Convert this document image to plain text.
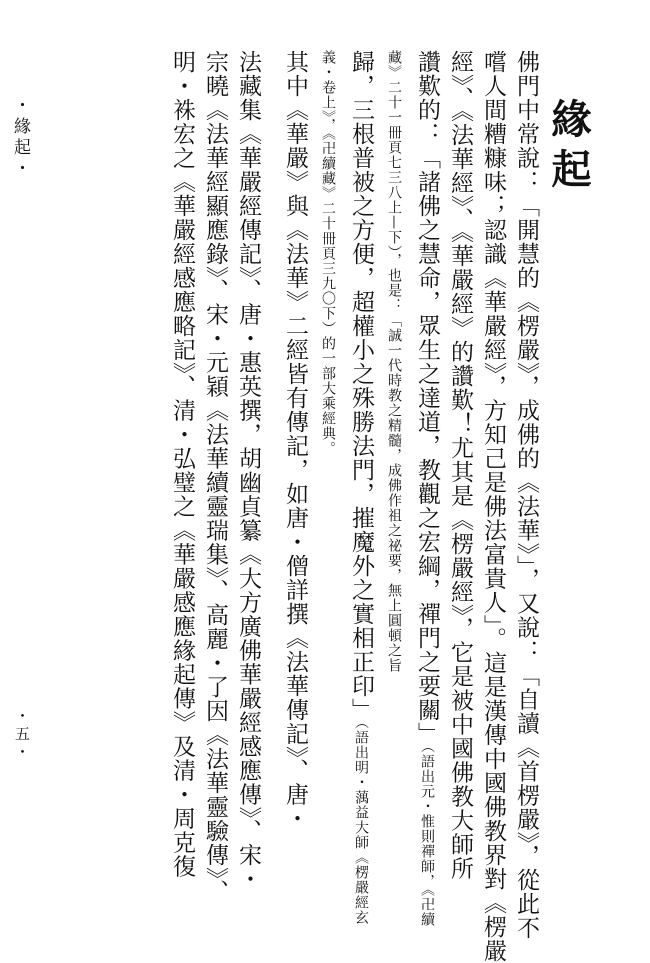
・緣起・
・五・
緣起
佛門中常說：「開慧的《楞嚴》，成佛的《法華》」，又說：「自讀《首楞嚴》，從此不
嚐人間糟糠味；認識《華嚴經》，方知己是佛法富貴人」。這是漢傳中國佛教界對《楞嚴
經》、《法華經》、《華嚴經》的讚歎！尤其是《楞嚴經》，它是被中國佛教大師所
讚歎的：「諸佛之慧命，眾生之達道，教觀之宏綱，禪門之要關」（語出元・惟則禪師，《卍續
藏》二十一冊頁七三八上—下），也是：「誠一代時教之精髓，成佛作祖之祕要，無上圓頓之旨
歸，三根普被之方便，超權小之殊勝法門，摧魔外之實相正印」（語出明・蕅益大師《楞嚴經玄
義・卷上》，《卍續藏》二十冊頁三九〇下）的一部大乘經典。
其中《華嚴》與《法華》二經皆有傳記，如唐・僧詳撰《法華傳記》、唐・
法藏集《華嚴經傳記》、唐・惠英撰，胡幽貞纂《大方廣佛華嚴經感應傳》、宋・
宗曉《法華經顯應錄》、宋・元穎《法華續靈瑞集》、高麗・了因《法華靈驗傳》、
明・袾宏之《華嚴經感應略記》、清・弘璧之《華嚴感應緣起傳》及清・周克復
